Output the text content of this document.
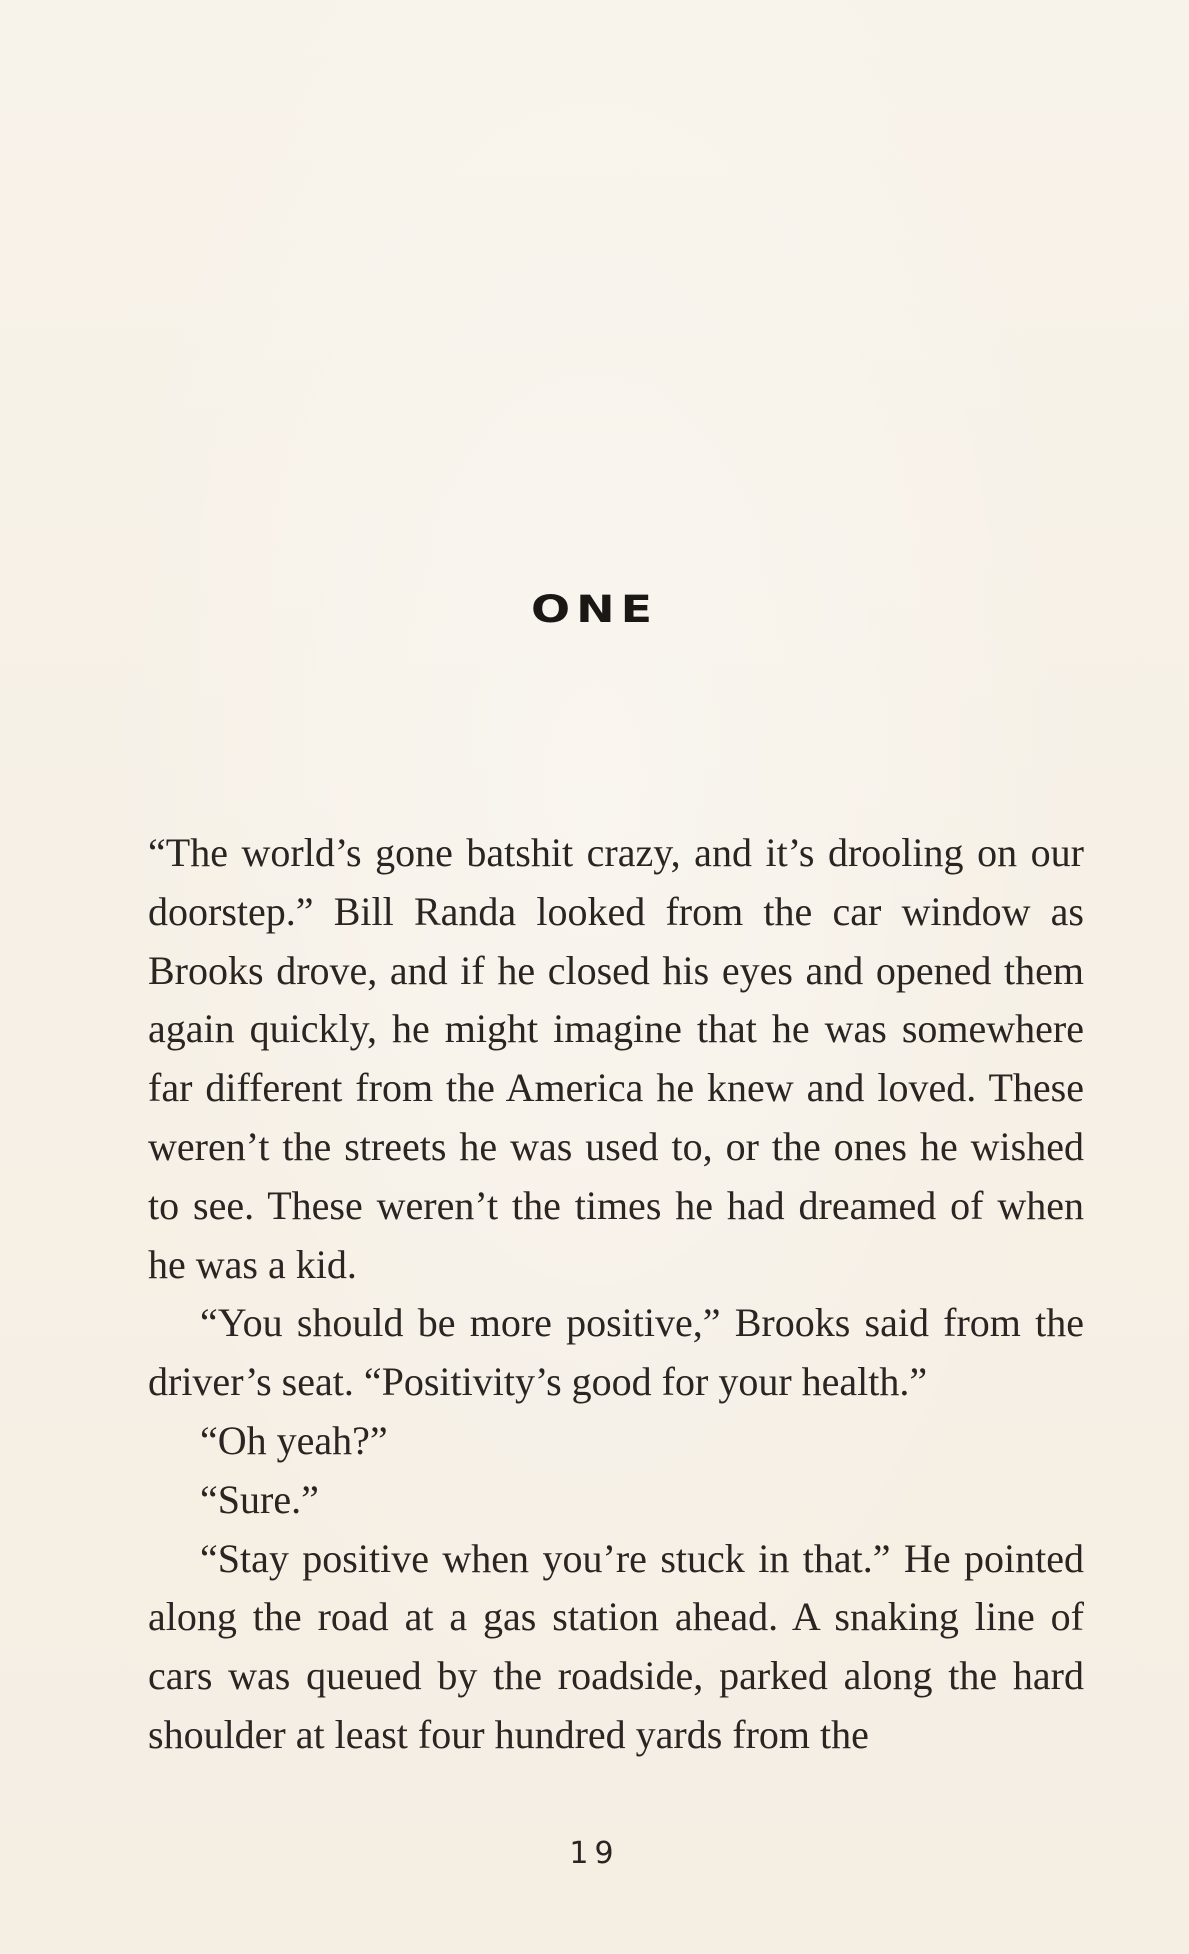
ONE

“The world’s gone batshit crazy, and it’s drooling on our doorstep.” Bill Randa looked from the car window as Brooks drove, and if he closed his eyes and opened them again quickly, he might imagine that he was somewhere far different from the America he knew and loved. These weren’t the streets he was used to, or the ones he wished to see. These weren’t the times he had dreamed of when he was a kid.

“You should be more positive,” Brooks said from the driver’s seat. “Positivity’s good for your health.”

“Oh yeah?”

“Sure.”

“Stay positive when you’re stuck in that.” He pointed along the road at a gas station ahead. A snaking line of cars was queued by the roadside, parked along the hard shoulder at least four hundred yards from the

19
